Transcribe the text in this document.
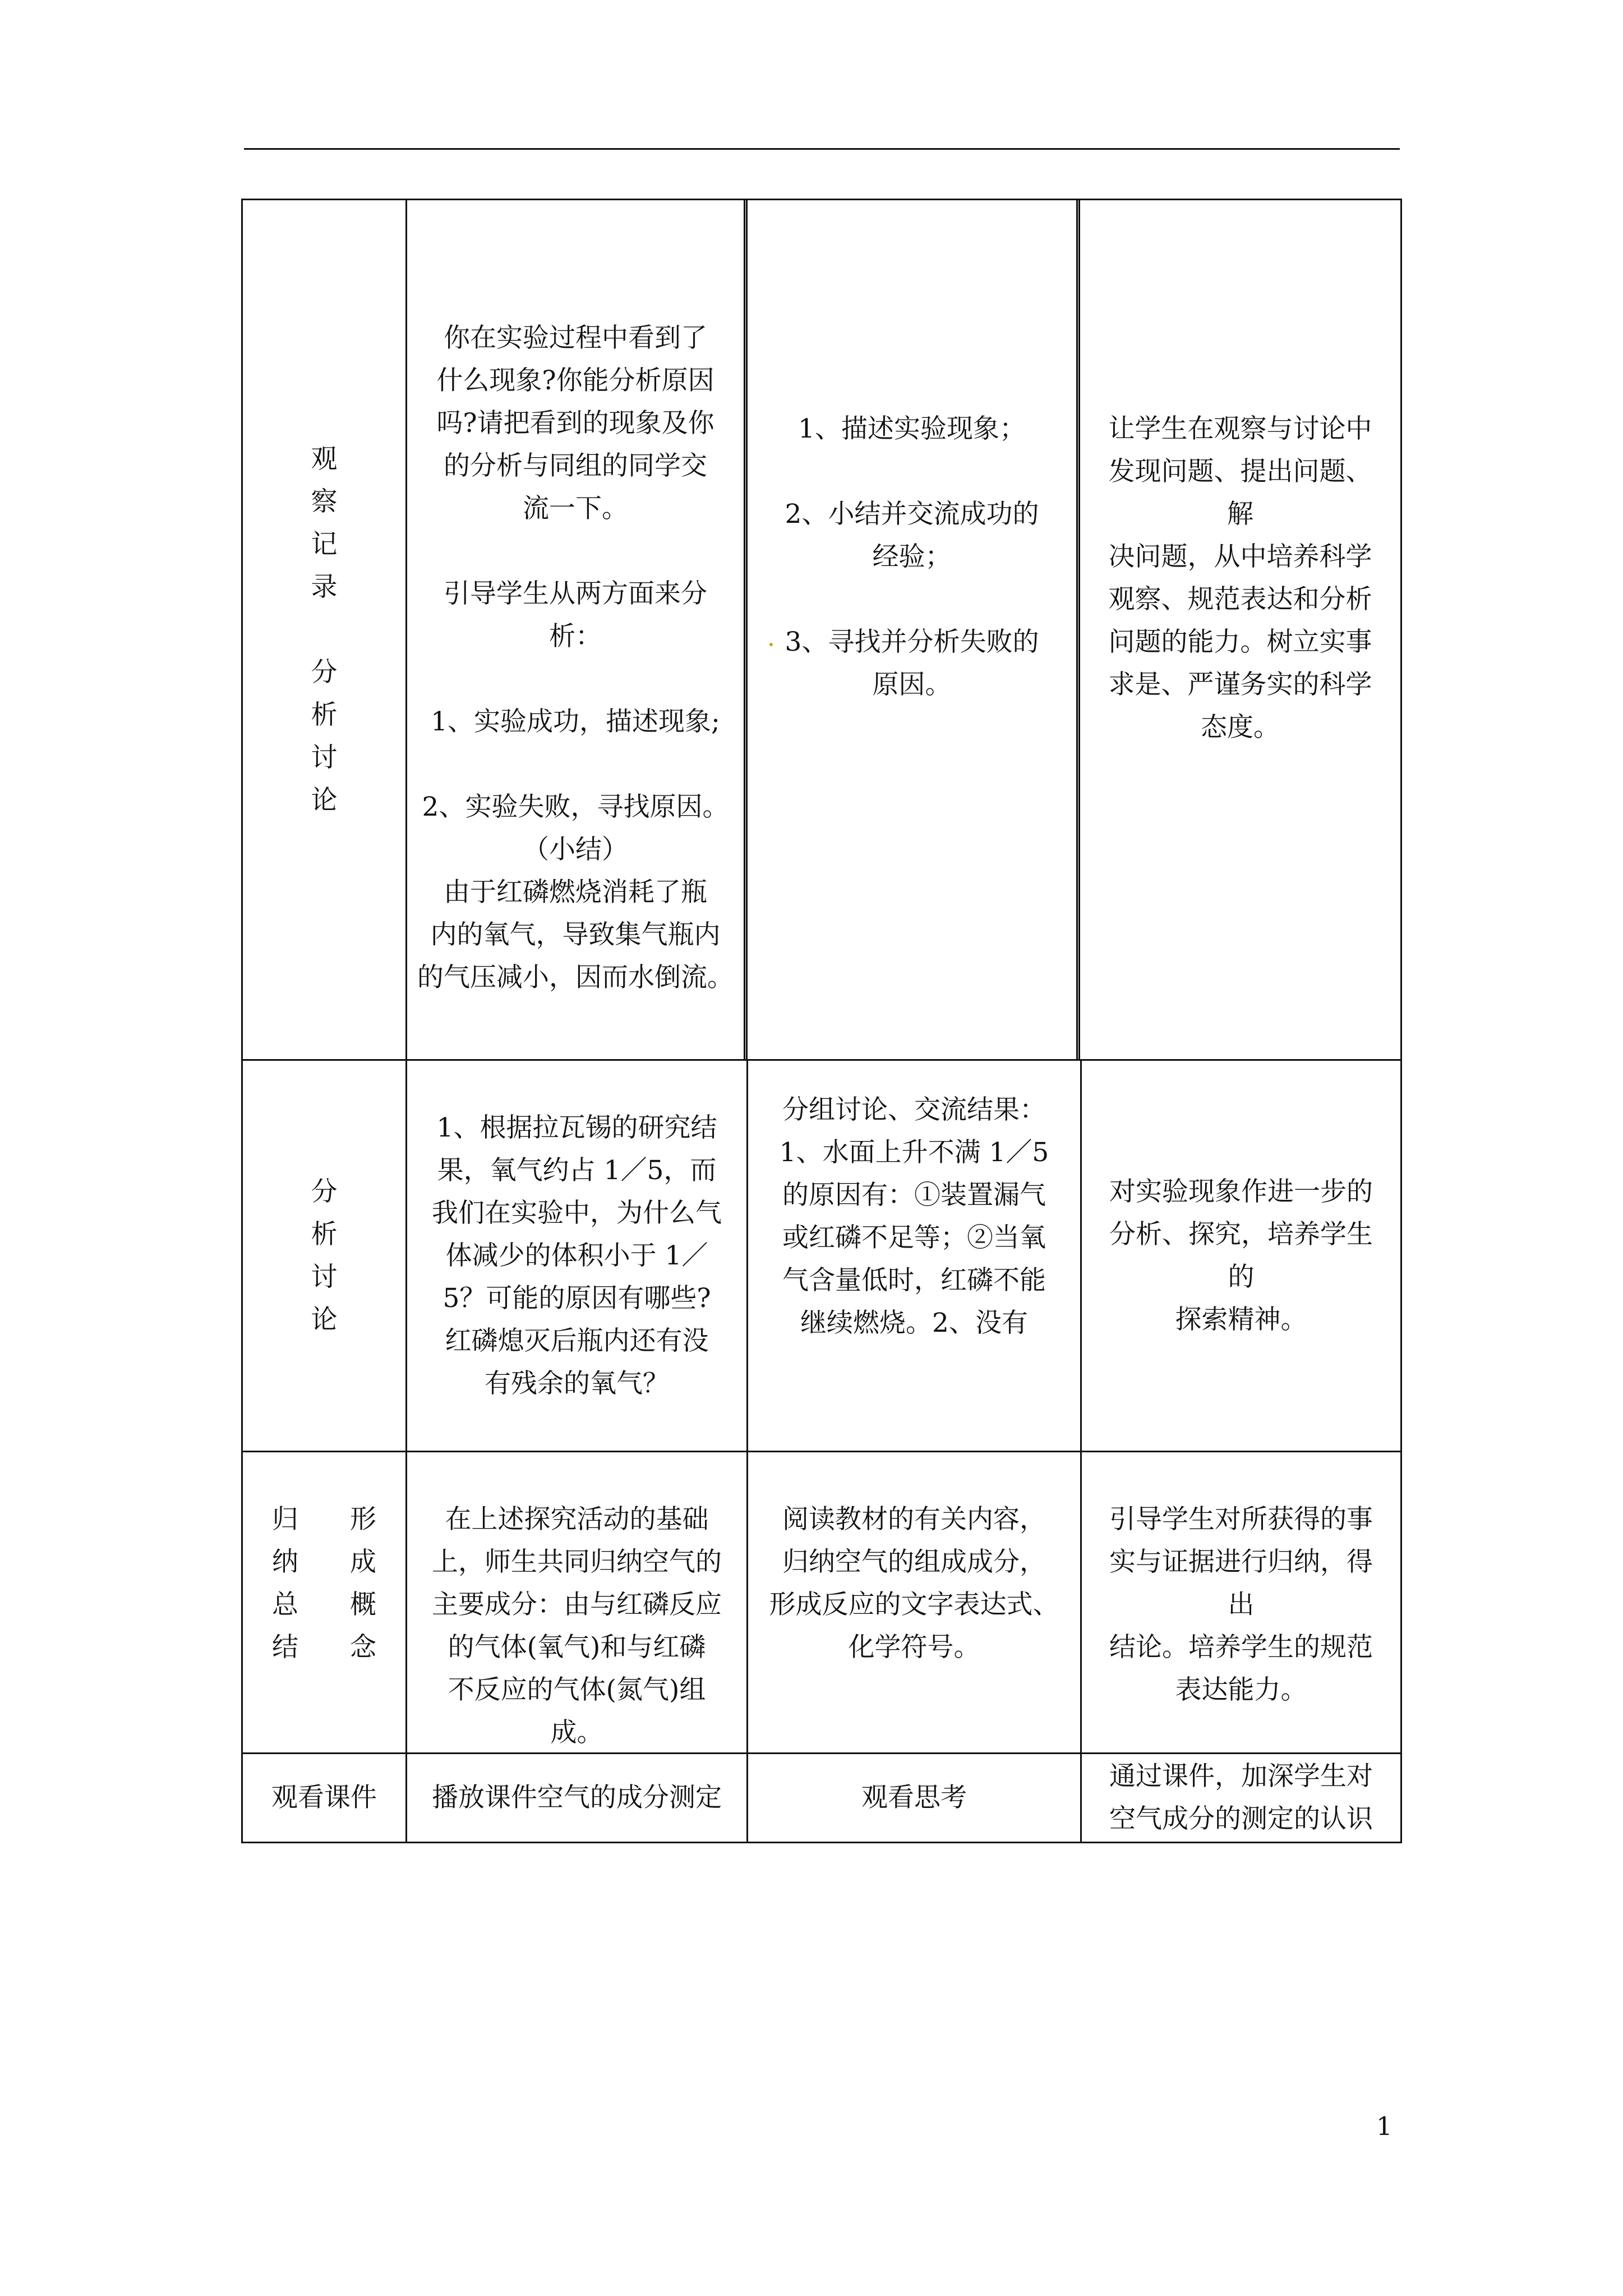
观
察
记
录
分
析
讨
论
你在实验过程中看到了
什么现象?你能分析原因
吗?请把看到的现象及你
的分析与同组的同学交
流一下。
引导学生从两方面来分
析：
1、实验成功，描述现象;
2、实验失败，寻找原因。
（小结）
由于红磷燃烧消耗了瓶
内的氧气，导致集气瓶内
的气压减小，因而水倒流。
1、描述实验现象；
2、小结并交流成功的
经验；
3、寻找并分析失败的
原因。
让学生在观察与讨论中
发现问题、提出问题、
解
决问题，从中培养科学
观察、规范表达和分析
问题的能力。树立实事
求是、严谨务实的科学
态度。
分
析
讨
论
1、根据拉瓦锡的研究结
果，氧气约占 1／5，而
我们在实验中，为什么气
体减少的体积小于 1／
5？可能的原因有哪些?
红磷熄灭后瓶内还有没
有残余的氧气？
分组讨论、交流结果：
1、水面上升不满 1／5
的原因有：①装置漏气
或红磷不足等；②当氧
气含量低时，红磷不能
继续燃烧。2、没有
对实验现象作进一步的
分析、探究，培养学生
的
探索精神。
归
纳
总
结
形
成
概
念
在上述探究活动的基础
上，师生共同归纳空气的
主要成分：由与红磷反应
的气体(氧气)和与红磷
不反应的气体(氮气)组
成。
阅读教材的有关内容，
归纳空气的组成成分，
形成反应的文字表达式、
化学符号。
引导学生对所获得的事
实与证据进行归纳，得
出
结论。培养学生的规范
表达能力。
观看课件 播放课件空气的成分测定	观看思考
通过课件，加深学生对
空气成分的测定的认识
1
